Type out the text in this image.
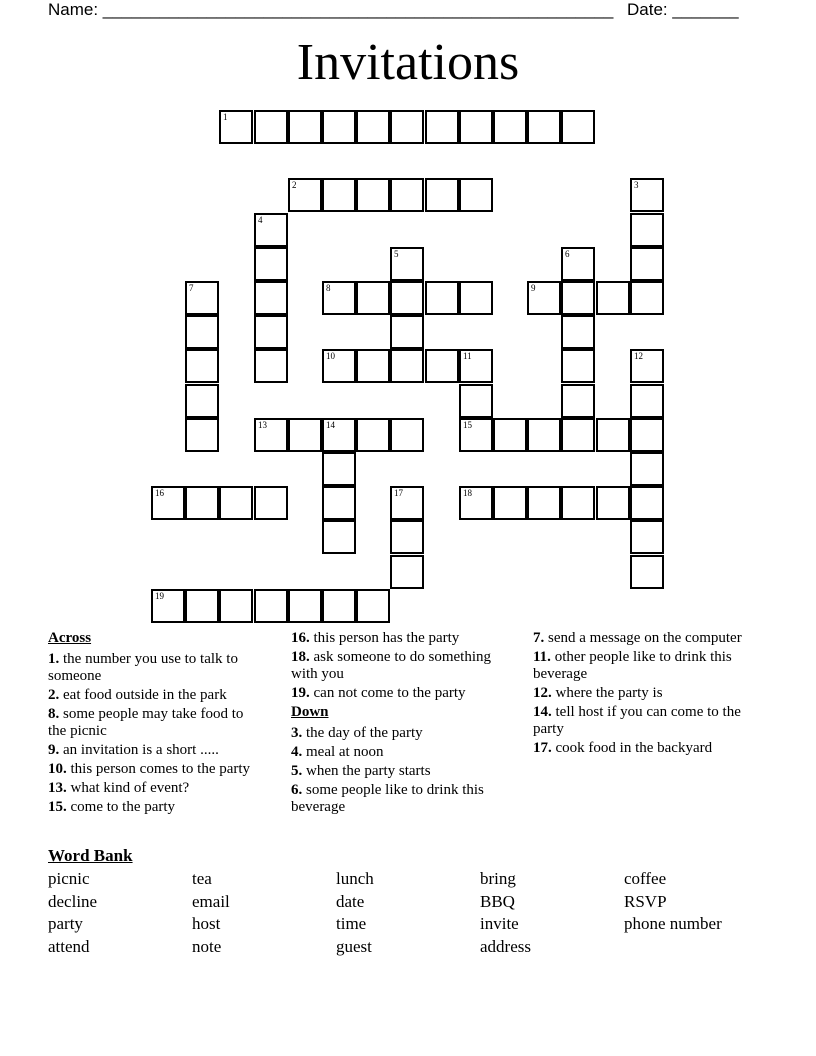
Name: ______________________________________________________ Date: _______
Invitations
1
2	3
4
5	6
7	8	9
10	11
15
12
13	14
16	17	18
19
Across
1. the number you use to talk to someone
2. eat food outside in the park
8. some people may take food to the picnic
9. an invitation is a short .....
10. this person comes to the party
13. what kind of event?
15. come to the party
16. this person has the party
18. ask someone to do something with you
19. can not come to the party
Down
3. the day of the party
4. meal at noon
5. when the party starts
6. some people like to drink this beverage
7. send a message on the computer
11. other people like to drink this beverage
12. where the party is
14. tell host if you can come to the party
17. cook food in the backyard
Word Bank
picnic	tea	lunch	bring	coffee
decline	email	date	BBQ	RSVP
party	host	time	invite	phone number
attend	note	guest	address
